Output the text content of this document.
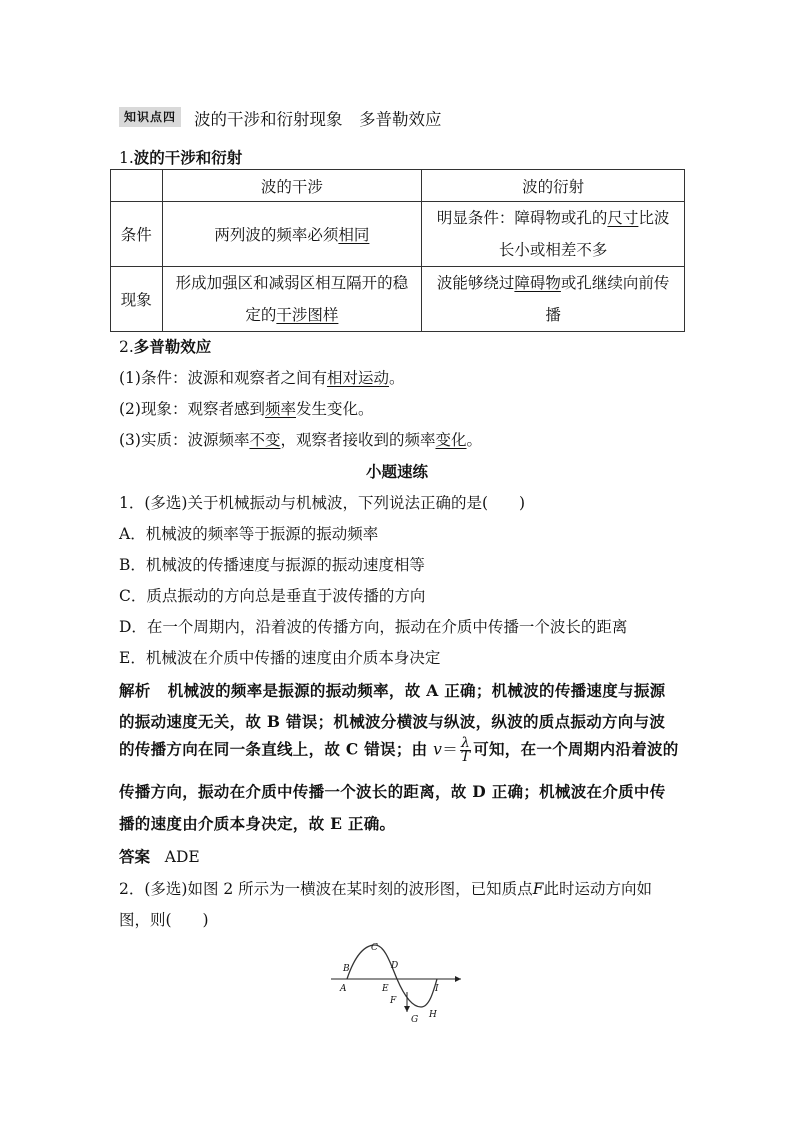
知识点四	波的干涉和衍射现象　多普勒效应
1.波的干涉和衍射
	波的干涉	波的衍射
条件	两列波的频率必须相同	明显条件：障碍物或孔的尺寸比波长小或相差不多
现象	形成加强区和减弱区相互隔开的稳定的干涉图样	波能够绕过障碍物或孔继续向前传播
2.多普勒效应
(1)条件：波源和观察者之间有相对运动。
(2)现象：观察者感到频率发生变化。
(3)实质：波源频率不变，观察者接收到的频率变化。
小题速练
1．(多选)关于机械振动与机械波，下列说法正确的是(　　)
A．机械波的频率等于振源的振动频率
B．机械波的传播速度与振源的振动速度相等
C．质点振动的方向总是垂直于波传播的方向
D．在一个周期内，沿着波的传播方向，振动在介质中传播一个波长的距离
E．机械波在介质中传播的速度由介质本身决定
解析 机械波的频率是振源的振动频率，故 A 正确；机械波的传播速度与振源
的振动速度无关，故 B 错误；机械波分横波与纵波，纵波的质点振动方向与波
的传播方向在同一条直线上，故 C 错误；由 $v= \frac{\lambda}{T}$ 可知，在一个周期内沿着波的
传播方向，振动在介质中传播一个波长的距离，故 D 正确；机械波在介质中传
播的速度由介质本身决定，故 E 正确。
答案 ADE
2．(多选)如图 2 所示为一横波在某时刻的波形图，已知质点F此时运动方向如
图，则(　　)
A
B
C
D
E
F
G H
I
